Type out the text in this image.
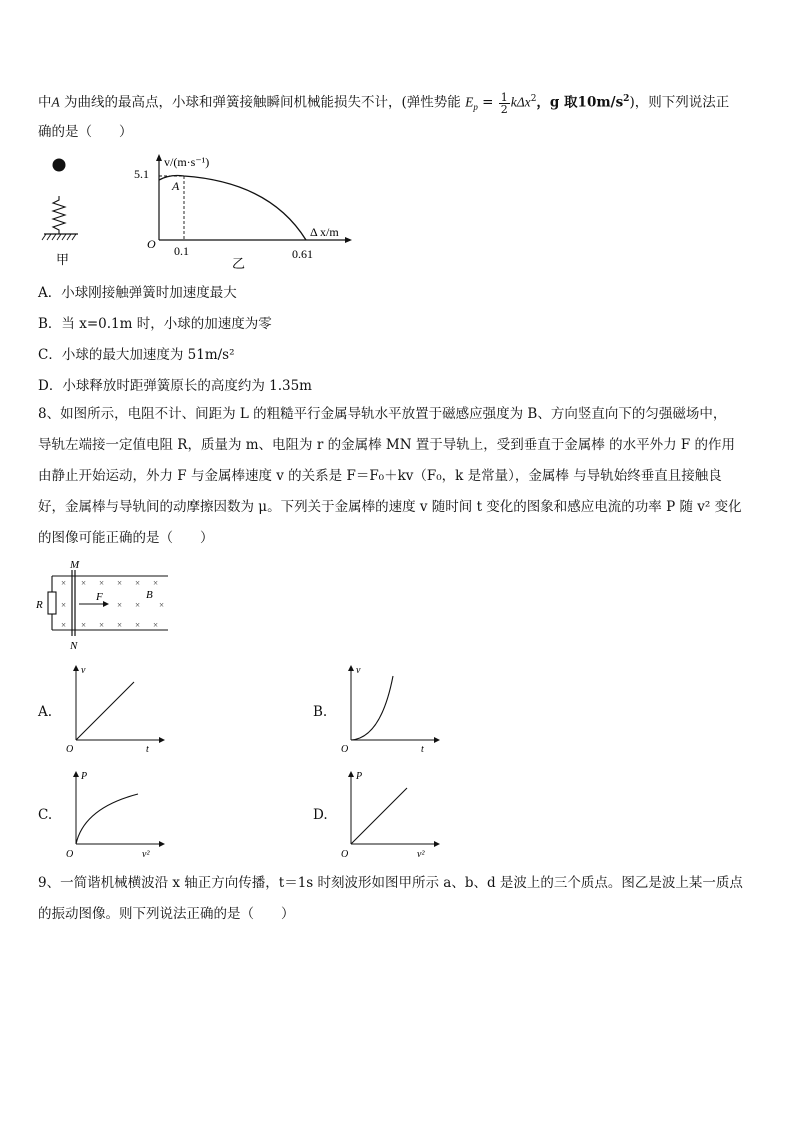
中A 为曲线的最高点，小球和弹簧接触瞬间机械能损失不计，(弹性势能 $E_p = \frac{1}{2} k\Delta x^2$，g 取$10m/s^2$)，则下列说法正
确的是（　　）
甲
v/(m·s⁻¹)
5.1
A
O 0.1	0.61
Δ x/m
乙
A．小球刚接触弹簧时加速度最大
B．当 x=0.1m 时，小球的加速度为零
C．小球的最大加速度为 51m/s²
D．小球释放时距弹簧原长的高度约为 1.35m
8、如图所示，电阻不计、间距为 L 的粗糙平行金属导轨水平放置于磁感应强度为 B、方向竖直向下的匀强磁场中，
导轨左端接一定值电阻 R，质量为 m、电阻为 r 的金属棒 MN 置于导轨上，受到垂直于金属棒 的水平外力 F 的作用
由静止开始运动，外力 F 与金属棒速度 v 的关系是 F＝F₀＋kv（F₀，k 是常量），金属棒 与导轨始终垂直且接触良
好，金属棒与导轨间的动摩擦因数为 μ。下列关于金属棒的速度 v 随时间 t 变化的图象和感应电流的功率 P 随 v² 变化
的图像可能正确的是（　　）
M
N
R
F	B
× × × × × ×
×	× × ×
× × × × × ×
A.
v
t
O
B.
v
t
O
C.
P
v²
O
D.
P
v²
O
9、一简谐机械横波沿 x 轴正方向传播，t＝1s 时刻波形如图甲所示 a、b、d 是波上的三个质点。图乙是波上某一质点
的振动图像。则下列说法正确的是（　　）
